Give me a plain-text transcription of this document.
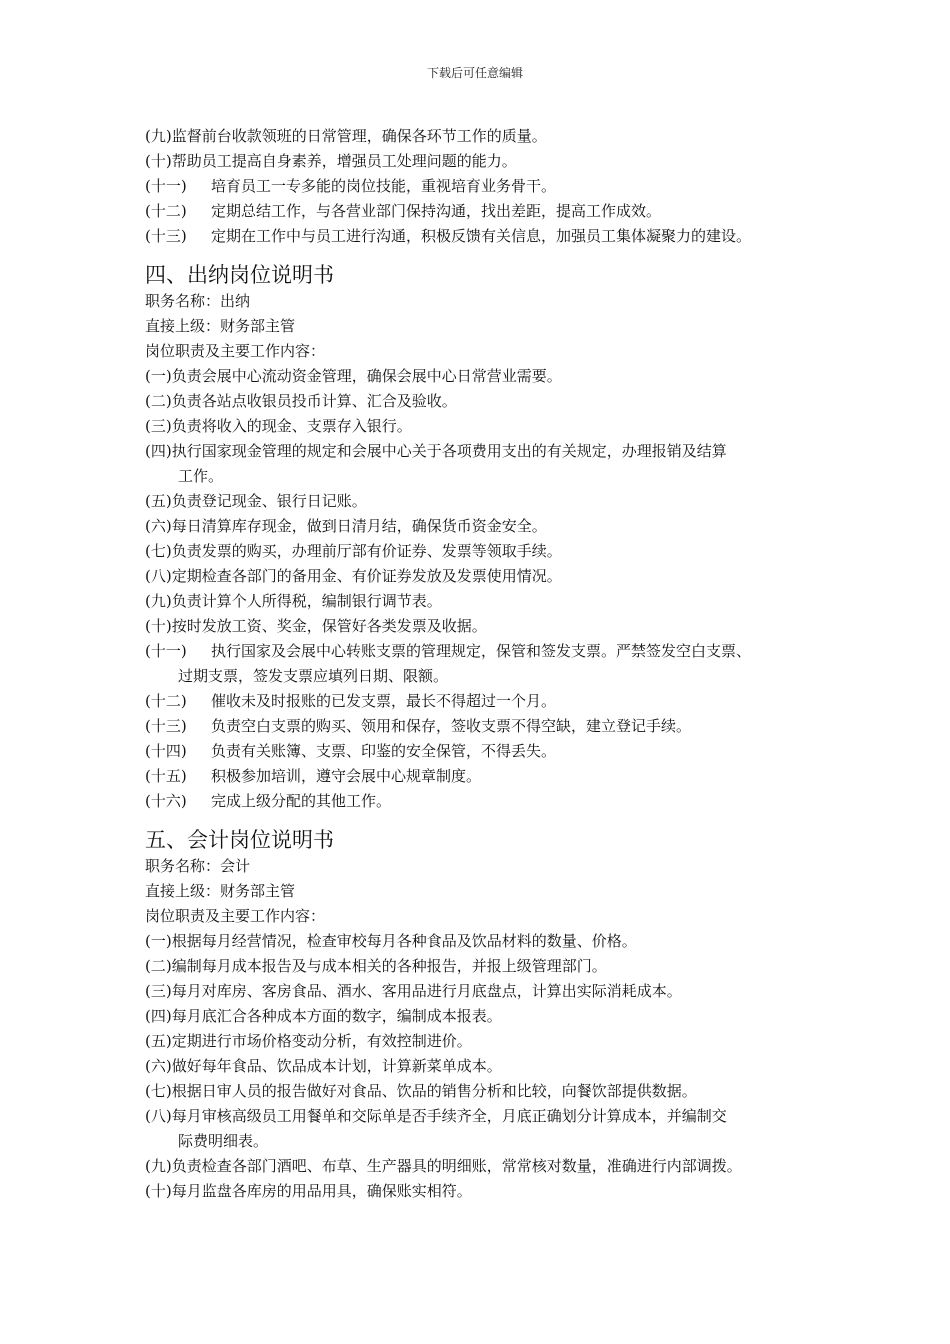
下载后可任意编辑
(九) 监督前台收款领班的日常管理，确保各环节工作的质量。
(十) 帮助员工提高自身素养，增强员工处理问题的能力。
(十一)	培育员工一专多能的岗位技能，重视培育业务骨干。
(十二)	定期总结工作，与各营业部门保持沟通，找出差距，提高工作成效。
(十三)	定期在工作中与员工进行沟通，积极反馈有关信息，加强员工集体凝聚力的建设。
四、出纳岗位说明书
职务名称：出纳
直接上级：财务部主管
岗位职责及主要工作内容：
(一) 负责会展中心流动资金管理，确保会展中心日常营业需要。
(二) 负责各站点收银员投币计算、汇合及验收。
(三) 负责将收入的现金、支票存入银行。
(四) 执行国家现金管理的规定和会展中心关于各项费用支出的有关规定，办理报销及结算
工作。
(五) 负责登记现金、银行日记账。
(六) 每日清算库存现金，做到日清月结，确保货币资金安全。
(七) 负责发票的购买，办理前厅部有价证券、发票等领取手续。
(八) 定期检查各部门的备用金、有价证券发放及发票使用情况。
(九) 负责计算个人所得税，编制银行调节表。
(十) 按时发放工资、奖金，保管好各类发票及收据。
(十一)	执行国家及会展中心转账支票的管理规定，保管和签发支票。严禁签发空白支票、
过期支票，签发支票应填列日期、限额。
(十二)	催收未及时报账的已发支票，最长不得超过一个月。
(十三)	负责空白支票的购买、领用和保存，签收支票不得空缺，建立登记手续。
(十四)	负责有关账簿、支票、印鉴的安全保管，不得丢失。
(十五)	积极参加培训，遵守会展中心规章制度。
(十六)	完成上级分配的其他工作。
五、会计岗位说明书
职务名称：会计
直接上级：财务部主管
岗位职责及主要工作内容：
(一) 根据每月经营情况，检查审校每月各种食品及饮品材料的数量、价格。
(二) 编制每月成本报告及与成本相关的各种报告，并报上级管理部门。
(三) 每月对库房、客房食品、酒水、客用品进行月底盘点，计算出实际消耗成本。
(四) 每月底汇合各种成本方面的数字，编制成本报表。
(五) 定期进行市场价格变动分析，有效控制进价。
(六) 做好每年食品、饮品成本计划，计算新菜单成本。
(七) 根据日审人员的报告做好对食品、饮品的销售分析和比较，向餐饮部提供数据。
(八) 每月审核高级员工用餐单和交际单是否手续齐全，月底正确划分计算成本，并编制交
际费明细表。
(九) 负责检查各部门酒吧、布草、生产器具的明细账，常常核对数量，准确进行内部调拨。
(十) 每月监盘各库房的用品用具，确保账实相符。
